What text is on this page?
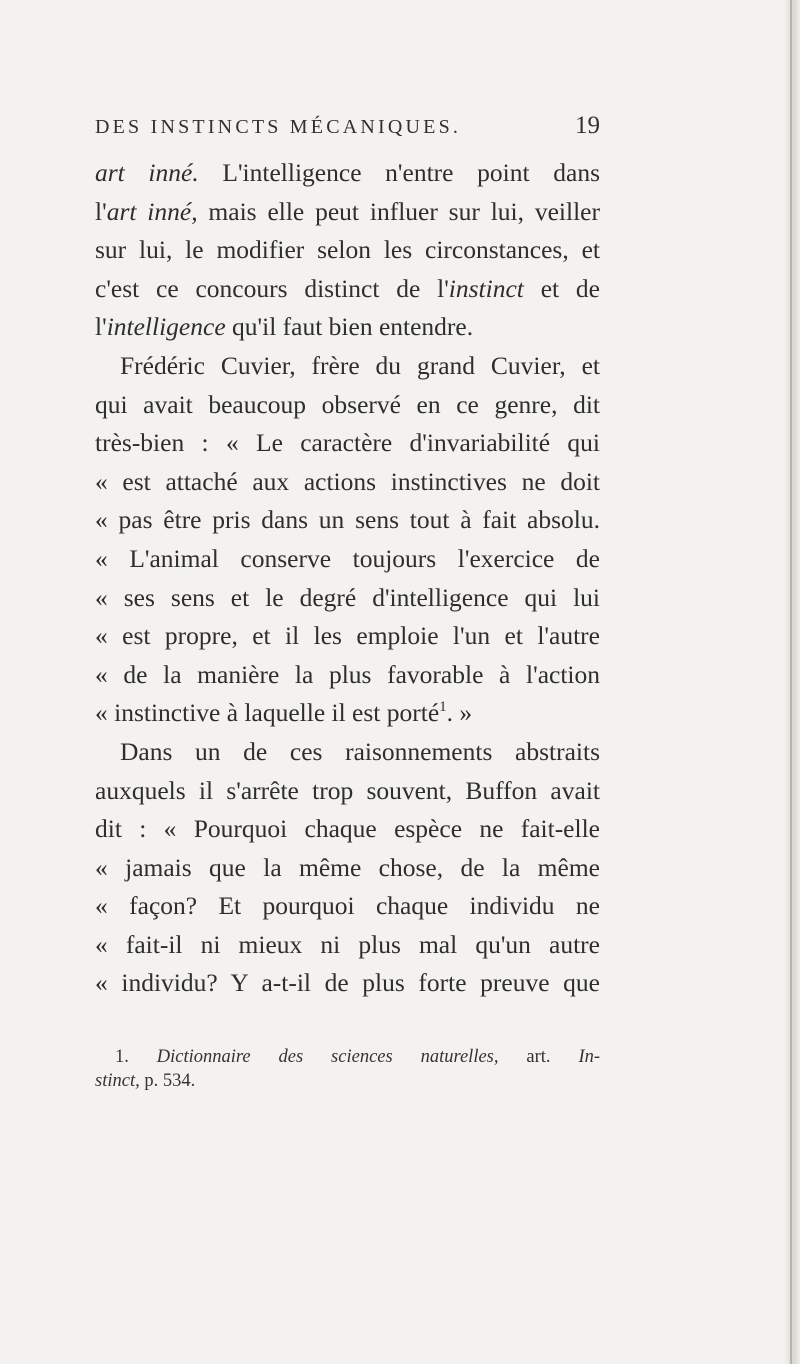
DES INSTINCTS MÉCANIQUES.	19
art inné. L'intelligence n'entre point dans
l'art inné, mais elle peut influer sur lui, veiller
sur lui, le modifier selon les circonstances, et
c'est ce concours distinct de l'instinct et de
l'intelligence qu'il faut bien entendre.
Frédéric Cuvier, frère du grand Cuvier, et
qui avait beaucoup observé en ce genre, dit
très-bien : « Le caractère d'invariabilité qui
« est attaché aux actions instinctives ne doit
« pas être pris dans un sens tout à fait absolu.
« L'animal conserve toujours l'exercice de
« ses sens et le degré d'intelligence qui lui
« est propre, et il les emploie l'un et l'autre
« de la manière la plus favorable à l'action
« instinctive à laquelle il est porté$^1$. »
Dans un de ces raisonnements abstraits
auxquels il s'arrête trop souvent, Buffon avait
dit : « Pourquoi chaque espèce ne fait-elle
« jamais que la même chose, de la même
« façon? Et pourquoi chaque individu ne
« fait-il ni mieux ni plus mal qu'un autre
« individu? Y a-t-il de plus forte preuve que
1. Dictionnaire des sciences naturelles, art. In-
stinct, p. 534.
